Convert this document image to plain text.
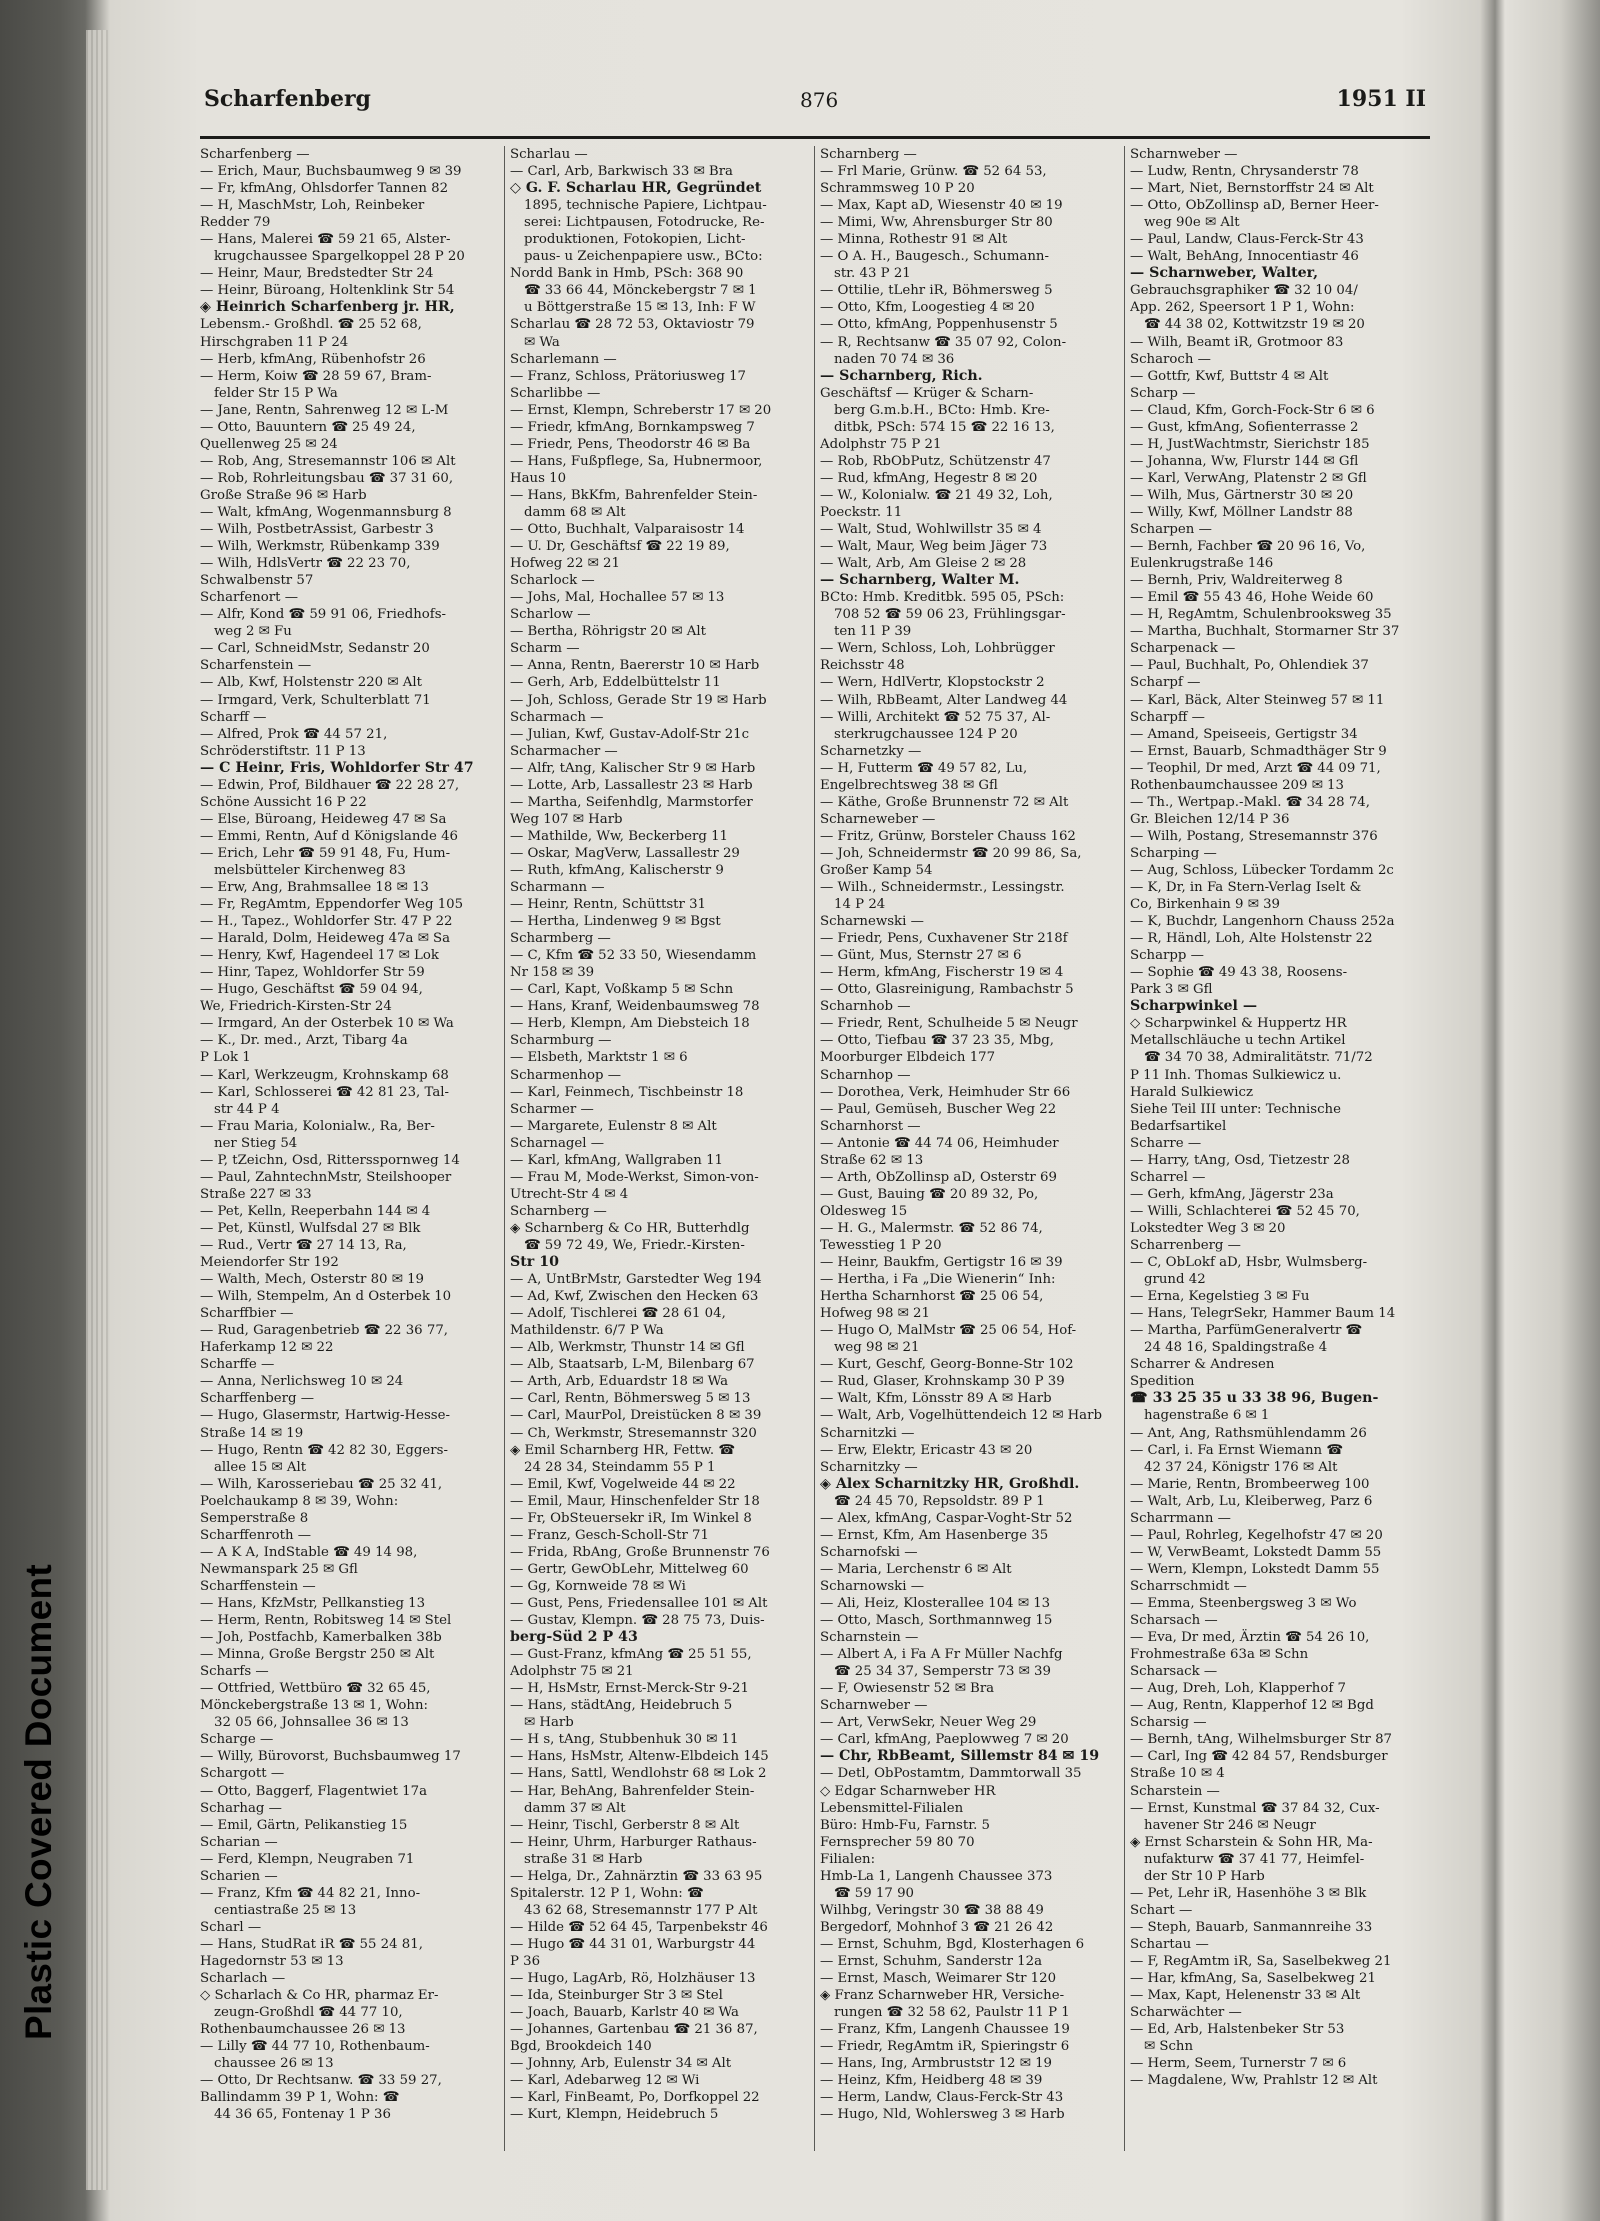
Plastic Covered Document
Scharfenberg	876	1951 II
Scharfenberg —
— Erich, Maur, Buchsbaumweg 9 ✉ 39
— Fr, kfmAng, Ohlsdorfer Tannen 82
— H, MaschMstr, Loh, Reinbeker
Redder 79
— Hans, Malerei ☎ 59 21 65, Alster-
krugchaussee Spargelkoppel 28 P 20
— Heinr, Maur, Bredstedter Str 24
— Heinr, Büroang, Holtenklink Str 54
◈ Heinrich Scharfenberg jr. HR,
Lebensm.- Großhdl. ☎ 25 52 68,
Hirschgraben 11 P 24
— Herb, kfmAng, Rübenhofstr 26
— Herm, Koiw ☎ 28 59 67, Bram-
felder Str 15 P Wa
— Jane, Rentn, Sahrenweg 12 ✉ L-M
— Otto, Bauuntern ☎ 25 49 24,
Quellenweg 25 ✉ 24
— Rob, Ang, Stresemannstr 106 ✉ Alt
— Rob, Rohrleitungsbau ☎ 37 31 60,
Große Straße 96 ✉ Harb
— Walt, kfmAng, Wogenmannsburg 8
— Wilh, PostbetrAssist, Garbestr 3
— Wilh, Werkmstr, Rübenkamp 339
— Wilh, HdlsVertr ☎ 22 23 70,
Schwalbenstr 57
Scharfenort —
— Alfr, Kond ☎ 59 91 06, Friedhofs-
weg 2 ✉ Fu
— Carl, SchneidMstr, Sedanstr 20
Scharfenstein —
— Alb, Kwf, Holstenstr 220 ✉ Alt
— Irmgard, Verk, Schulterblatt 71
Scharff —
— Alfred, Prok ☎ 44 57 21,
Schröderstiftstr. 11 P 13
— C Heinr, Fris, Wohldorfer Str 47
— Edwin, Prof, Bildhauer ☎ 22 28 27,
Schöne Aussicht 16 P 22
— Else, Büroang, Heideweg 47 ✉ Sa
— Emmi, Rentn, Auf d Königslande 46
— Erich, Lehr ☎ 59 91 48, Fu, Hum-
melsbütteler Kirchenweg 83
— Erw, Ang, Brahmsallee 18 ✉ 13
— Fr, RegAmtm, Eppendorfer Weg 105
— H., Tapez., Wohldorfer Str. 47 P 22
— Harald, Dolm, Heideweg 47a ✉ Sa
— Henry, Kwf, Hagendeel 17 ✉ Lok
— Hinr, Tapez, Wohldorfer Str 59
— Hugo, Geschäftst ☎ 59 04 94,
We, Friedrich-Kirsten-Str 24
— Irmgard, An der Osterbek 10 ✉ Wa
— K., Dr. med., Arzt, Tibarg 4a
P Lok 1
— Karl, Werkzeugm, Krohnskamp 68
— Karl, Schlosserei ☎ 42 81 23, Tal-
str 44 P 4
— Frau Maria, Kolonialw., Ra, Ber-
ner Stieg 54
— P, tZeichn, Osd, Rittersspornweg 14
— Paul, ZahntechnMstr, Steilshooper
Straße 227 ✉ 33
— Pet, Kelln, Reeperbahn 144 ✉ 4
— Pet, Künstl, Wulfsdal 27 ✉ Blk
— Rud., Vertr ☎ 27 14 13, Ra,
Meiendorfer Str 192
— Walth, Mech, Osterstr 80 ✉ 19
— Wilh, Stempelm, An d Osterbek 10
Scharffbier —
— Rud, Garagenbetrieb ☎ 22 36 77,
Haferkamp 12 ✉ 22
Scharffe —
— Anna, Nerlichsweg 10 ✉ 24
Scharffenberg —
— Hugo, Glasermstr, Hartwig-Hesse-
Straße 14 ✉ 19
— Hugo, Rentn ☎ 42 82 30, Eggers-
allee 15 ✉ Alt
— Wilh, Karosseriebau ☎ 25 32 41,
Poelchaukamp 8 ✉ 39, Wohn:
Semperstraße 8
Scharffenroth —
— A K A, IndStable ☎ 49 14 98,
Newmanspark 25 ✉ Gfl
Scharffenstein —
— Hans, KfzMstr, Pellkanstieg 13
— Herm, Rentn, Robitsweg 14 ✉ Stel
— Joh, Postfachb, Kamerbalken 38b
— Minna, Große Bergstr 250 ✉ Alt
Scharfs —
— Ottfried, Wettbüro ☎ 32 65 45,
Mönckebergstraße 13 ✉ 1, Wohn:
32 05 66, Johnsallee 36 ✉ 13
Scharge —
— Willy, Bürovorst, Buchsbaumweg 17
Schargott —
— Otto, Baggerf, Flagentwiet 17a
Scharhag —
— Emil, Gärtn, Pelikanstieg 15
Scharian —
— Ferd, Klempn, Neugraben 71
Scharien —
— Franz, Kfm ☎ 44 82 21, Inno-
centiastraße 25 ✉ 13
Scharl —
— Hans, StudRat iR ☎ 55 24 81,
Hagedornstr 53 ✉ 13
Scharlach —
◇ Scharlach & Co HR, pharmaz Er-
zeugn-Großhdl ☎ 44 77 10,
Rothenbaumchaussee 26 ✉ 13
— Lilly ☎ 44 77 10, Rothenbaum-
chaussee 26 ✉ 13
— Otto, Dr Rechtsanw. ☎ 33 59 27,
Ballindamm 39 P 1, Wohn: ☎
44 36 65, Fontenay 1 P 36
Scharlau —
— Carl, Arb, Barkwisch 33 ✉ Bra
◇ G. F. Scharlau HR, Gegründet
1895, technische Papiere, Lichtpau-
serei: Lichtpausen, Fotodrucke, Re-
produktionen, Fotokopien, Licht-
paus- u Zeichenpapiere usw., BCto:
Nordd Bank in Hmb, PSch: 368 90
☎ 33 66 44, Mönckebergstr 7 ✉ 1
u Böttgerstraße 15 ✉ 13, Inh: F W
Scharlau ☎ 28 72 53, Oktaviostr 79
✉ Wa
Scharlemann —
— Franz, Schloss, Prätoriusweg 17
Scharlibbe —
— Ernst, Klempn, Schreberstr 17 ✉ 20
— Friedr, kfmAng, Bornkampsweg 7
— Friedr, Pens, Theodorstr 46 ✉ Ba
— Hans, Fußpflege, Sa, Hubnermoor,
Haus 10
— Hans, BkKfm, Bahrenfelder Stein-
damm 68 ✉ Alt
— Otto, Buchhalt, Valparaisostr 14
— U. Dr, Geschäftsf ☎ 22 19 89,
Hofweg 22 ✉ 21
Scharlock —
— Johs, Mal, Hochallee 57 ✉ 13
Scharlow —
— Bertha, Röhrigstr 20 ✉ Alt
Scharm —
— Anna, Rentn, Baererstr 10 ✉ Harb
— Gerh, Arb, Eddelbüttelstr 11
— Joh, Schloss, Gerade Str 19 ✉ Harb
Scharmach —
— Julian, Kwf, Gustav-Adolf-Str 21c
Scharmacher —
— Alfr, tAng, Kalischer Str 9 ✉ Harb
— Lotte, Arb, Lassallestr 23 ✉ Harb
— Martha, Seifenhdlg, Marmstorfer
Weg 107 ✉ Harb
— Mathilde, Ww, Beckerberg 11
— Oskar, MagVerw, Lassallestr 29
— Ruth, kfmAng, Kalischerstr 9
Scharmann —
— Heinr, Rentn, Schüttstr 31
— Hertha, Lindenweg 9 ✉ Bgst
Scharmberg —
— C, Kfm ☎ 52 33 50, Wiesendamm
Nr 158 ✉ 39
— Carl, Kapt, Voßkamp 5 ✉ Schn
— Hans, Kranf, Weidenbaumsweg 78
— Herb, Klempn, Am Diebsteich 18
Scharmburg —
— Elsbeth, Marktstr 1 ✉ 6
Scharmenhop —
— Karl, Feinmech, Tischbeinstr 18
Scharmer —
— Margarete, Eulenstr 8 ✉ Alt
Scharnagel —
— Karl, kfmAng, Wallgraben 11
— Frau M, Mode-Werkst, Simon-von-
Utrecht-Str 4 ✉ 4
Scharnberg —
◈ Scharnberg & Co HR, Butterhdlg
☎ 59 72 49, We, Friedr.-Kirsten-
Str 10
— A, UntBrMstr, Garstedter Weg 194
— Ad, Kwf, Zwischen den Hecken 63
— Adolf, Tischlerei ☎ 28 61 04,
Mathildenstr. 6/7 P Wa
— Alb, Werkmstr, Thunstr 14 ✉ Gfl
— Alb, Staatsarb, L-M, Bilenbarg 67
— Arth, Arb, Eduardstr 18 ✉ Wa
— Carl, Rentn, Böhmersweg 5 ✉ 13
— Carl, MaurPol, Dreistücken 8 ✉ 39
— Ch, Werkmstr, Stresemannstr 320
◈ Emil Scharnberg HR, Fettw. ☎
24 28 34, Steindamm 55 P 1
— Emil, Kwf, Vogelweide 44 ✉ 22
— Emil, Maur, Hinschenfelder Str 18
— Fr, ObSteuersekr iR, Im Winkel 8
— Franz, Gesch-Scholl-Str 71
— Frida, RbAng, Große Brunnenstr 76
— Gertr, GewObLehr, Mittelweg 60
— Gg, Kornweide 78 ✉ Wi
— Gust, Pens, Friedensallee 101 ✉ Alt
— Gustav, Klempn. ☎ 28 75 73, Duis-
berg-Süd 2 P 43
— Gust-Franz, kfmAng ☎ 25 51 55,
Adolphstr 75 ✉ 21
— H, HsMstr, Ernst-Merck-Str 9-21
— Hans, städtAng, Heidebruch 5
✉ Harb
— H s, tAng, Stubbenhuk 30 ✉ 11
— Hans, HsMstr, Altenw-Elbdeich 145
— Hans, Sattl, Wendlohstr 68 ✉ Lok 2
— Har, BehAng, Bahrenfelder Stein-
damm 37 ✉ Alt
— Heinr, Tischl, Gerberstr 8 ✉ Alt
— Heinr, Uhrm, Harburger Rathaus-
straße 31 ✉ Harb
— Helga, Dr., Zahnärztin ☎ 33 63 95
Spitalerstr. 12 P 1, Wohn: ☎
43 62 68, Stresemannstr 177 P Alt
— Hilde ☎ 52 64 45, Tarpenbekstr 46
— Hugo ☎ 44 31 01, Warburgstr 44
P 36
— Hugo, LagArb, Rö, Holzhäuser 13
— Ida, Steinburger Str 3 ✉ Stel
— Joach, Bauarb, Karlstr 40 ✉ Wa
— Johannes, Gartenbau ☎ 21 36 87,
Bgd, Brookdeich 140
— Johnny, Arb, Eulenstr 34 ✉ Alt
— Karl, Adebarweg 12 ✉ Wi
— Karl, FinBeamt, Po, Dorfkoppel 22
— Kurt, Klempn, Heidebruch 5
Scharnberg —
— Frl Marie, Grünw. ☎ 52 64 53,
Schrammsweg 10 P 20
— Max, Kapt aD, Wiesenstr 40 ✉ 19
— Mimi, Ww, Ahrensburger Str 80
— Minna, Rothestr 91 ✉ Alt
— O A. H., Baugesch., Schumann-
str. 43 P 21
— Ottilie, tLehr iR, Böhmersweg 5
— Otto, Kfm, Loogestieg 4 ✉ 20
— Otto, kfmAng, Poppenhusenstr 5
— R, Rechtsanw ☎ 35 07 92, Colon-
naden 70 74 ✉ 36
— Scharnberg, Rich.
Geschäftsf — Krüger & Scharn-
berg G.m.b.H., BCto: Hmb. Kre-
ditbk, PSch: 574 15 ☎ 22 16 13,
Adolphstr 75 P 21
— Rob, RbObPutz, Schützenstr 47
— Rud, kfmAng, Hegestr 8 ✉ 20
— W., Kolonialw. ☎ 21 49 32, Loh,
Poeckstr. 11
— Walt, Stud, Wohlwillstr 35 ✉ 4
— Walt, Maur, Weg beim Jäger 73
— Walt, Arb, Am Gleise 2 ✉ 28
— Scharnberg, Walter M.
BCto: Hmb. Kreditbk. 595 05, PSch:
708 52 ☎ 59 06 23, Frühlingsgar-
ten 11 P 39
— Wern, Schloss, Loh, Lohbrügger
Reichsstr 48
— Wern, HdlVertr, Klopstockstr 2
— Wilh, RbBeamt, Alter Landweg 44
— Willi, Architekt ☎ 52 75 37, Al-
sterkrugchaussee 124 P 20
Scharnetzky —
— H, Futterm ☎ 49 57 82, Lu,
Engelbrechtsweg 38 ✉ Gfl
— Käthe, Große Brunnenstr 72 ✉ Alt
Scharneweber —
— Fritz, Grünw, Borsteler Chauss 162
— Joh, Schneidermstr ☎ 20 99 86, Sa,
Großer Kamp 54
— Wilh., Schneidermstr., Lessingstr.
14 P 24
Scharnewski —
— Friedr, Pens, Cuxhavener Str 218f
— Günt, Mus, Sternstr 27 ✉ 6
— Herm, kfmAng, Fischerstr 19 ✉ 4
— Otto, Glasreinigung, Rambachstr 5
Scharnhob —
— Friedr, Rent, Schulheide 5 ✉ Neugr
— Otto, Tiefbau ☎ 37 23 35, Mbg,
Moorburger Elbdeich 177
Scharnhop —
— Dorothea, Verk, Heimhuder Str 66
— Paul, Gemüseh, Buscher Weg 22
Scharnhorst —
— Antonie ☎ 44 74 06, Heimhuder
Straße 62 ✉ 13
— Arth, ObZollinsp aD, Osterstr 69
— Gust, Bauing ☎ 20 89 32, Po,
Oldesweg 15
— H. G., Malermstr. ☎ 52 86 74,
Tewesstieg 1 P 20
— Heinr, Baukfm, Gertigstr 16 ✉ 39
— Hertha, i Fa „Die Wienerin“ Inh:
Hertha Scharnhorst ☎ 25 06 54,
Hofweg 98 ✉ 21
— Hugo O, MalMstr ☎ 25 06 54, Hof-
weg 98 ✉ 21
— Kurt, Geschf, Georg-Bonne-Str 102
— Rud, Glaser, Krohnskamp 30 P 39
— Walt, Kfm, Lönsstr 89 A ✉ Harb
— Walt, Arb, Vogelhüttendeich 12 ✉ Harb
Scharnitzki —
— Erw, Elektr, Ericastr 43 ✉ 20
Scharnitzky —
◈ Alex Scharnitzky HR, Großhdl.
☎ 24 45 70, Repsoldstr. 89 P 1
— Alex, kfmAng, Caspar-Voght-Str 52
— Ernst, Kfm, Am Hasenberge 35
Scharnofski —
— Maria, Lerchenstr 6 ✉ Alt
Scharnowski —
— Ali, Heiz, Klosterallee 104 ✉ 13
— Otto, Masch, Sorthmannweg 15
Scharnstein —
— Albert A, i Fa A Fr Müller Nachfg
☎ 25 34 37, Semperstr 73 ✉ 39
— F, Owiesenstr 52 ✉ Bra
Scharnweber —
— Art, VerwSekr, Neuer Weg 29
— Carl, kfmAng, Paeplowweg 7 ✉ 20
— Chr, RbBeamt, Sillemstr 84 ✉ 19
— Detl, ObPostamtm, Dammtorwall 35
◇ Edgar Scharnweber HR
Lebensmittel-Filialen
Büro: Hmb-Fu, Farnstr. 5
Fernsprecher 59 80 70
Filialen:
Hmb-La 1, Langenh Chaussee 373
☎ 59 17 90
Wilhbg, Veringstr 30 ☎ 38 88 49
Bergedorf, Mohnhof 3 ☎ 21 26 42
— Ernst, Schuhm, Bgd, Klosterhagen 6
— Ernst, Schuhm, Sanderstr 12a
— Ernst, Masch, Weimarer Str 120
◈ Franz Scharnweber HR, Versiche-
rungen ☎ 32 58 62, Paulstr 11 P 1
— Franz, Kfm, Langenh Chaussee 19
— Friedr, RegAmtm iR, Spieringstr 6
— Hans, Ing, Armbruststr 12 ✉ 19
— Heinz, Kfm, Heidberg 48 ✉ 39
— Herm, Landw, Claus-Ferck-Str 43
— Hugo, Nld, Wohlersweg 3 ✉ Harb
Scharnweber —
— Ludw, Rentn, Chrysanderstr 78
— Mart, Niet, Bernstorffstr 24 ✉ Alt
— Otto, ObZollinsp aD, Berner Heer-
weg 90e ✉ Alt
— Paul, Landw, Claus-Ferck-Str 43
— Walt, BehAng, Innocentiastr 46
— Scharnweber, Walter,
Gebrauchsgraphiker ☎ 32 10 04/
App. 262, Speersort 1 P 1, Wohn:
☎ 44 38 02, Kottwitzstr 19 ✉ 20
— Wilh, Beamt iR, Grotmoor 83
Scharoch —
— Gottfr, Kwf, Buttstr 4 ✉ Alt
Scharp —
— Claud, Kfm, Gorch-Fock-Str 6 ✉ 6
— Gust, kfmAng, Sofienterrasse 2
— H, JustWachtmstr, Sierichstr 185
— Johanna, Ww, Flurstr 144 ✉ Gfl
— Karl, VerwAng, Platenstr 2 ✉ Gfl
— Wilh, Mus, Gärtnerstr 30 ✉ 20
— Willy, Kwf, Möllner Landstr 88
Scharpen —
— Bernh, Fachber ☎ 20 96 16, Vo,
Eulenkrugstraße 146
— Bernh, Priv, Waldreiterweg 8
— Emil ☎ 55 43 46, Hohe Weide 60
— H, RegAmtm, Schulenbrooksweg 35
— Martha, Buchhalt, Stormarner Str 37
Scharpenack —
— Paul, Buchhalt, Po, Ohlendiek 37
Scharpf —
— Karl, Bäck, Alter Steinweg 57 ✉ 11
Scharpff —
— Amand, Speiseeis, Gertigstr 34
— Ernst, Bauarb, Schmadthäger Str 9
— Teophil, Dr med, Arzt ☎ 44 09 71,
Rothenbaumchaussee 209 ✉ 13
— Th., Wertpap.-Makl. ☎ 34 28 74,
Gr. Bleichen 12/14 P 36
— Wilh, Postang, Stresemannstr 376
Scharping —
— Aug, Schloss, Lübecker Tordamm 2c
— K, Dr, in Fa Stern-Verlag Iselt &
Co, Birkenhain 9 ✉ 39
— K, Buchdr, Langenhorn Chauss 252a
— R, Händl, Loh, Alte Holstenstr 22
Scharpp —
— Sophie ☎ 49 43 38, Roosens-
Park 3 ✉ Gfl
Scharpwinkel —
◇ Scharpwinkel & Huppertz HR
Metallschläuche u techn Artikel
☎ 34 70 38, Admiralitätstr. 71/72
P 11 Inh. Thomas Sulkiewicz u.
Harald Sulkiewicz
Siehe Teil III unter: Technische
Bedarfsartikel
Scharre —
— Harry, tAng, Osd, Tietzestr 28
Scharrel —
— Gerh, kfmAng, Jägerstr 23a
— Willi, Schlachterei ☎ 52 45 70,
Lokstedter Weg 3 ✉ 20
Scharrenberg —
— C, ObLokf aD, Hsbr, Wulmsberg-
grund 42
— Erna, Kegelstieg 3 ✉ Fu
— Hans, TelegrSekr, Hammer Baum 14
— Martha, ParfümGeneralvertr ☎
24 48 16, Spaldingstraße 4
Scharrer & Andresen
Spedition
☎ 33 25 35 u 33 38 96, Bugen-
hagenstraße 6 ✉ 1
— Ant, Ang, Rathsmühlendamm 26
— Carl, i. Fa Ernst Wiemann ☎
42 37 24, Königstr 176 ✉ Alt
— Marie, Rentn, Brombeerweg 100
— Walt, Arb, Lu, Kleiberweg, Parz 6
Scharrmann —
— Paul, Rohrleg, Kegelhofstr 47 ✉ 20
— W, VerwBeamt, Lokstedt Damm 55
— Wern, Klempn, Lokstedt Damm 55
Scharrschmidt —
— Emma, Steenbergsweg 3 ✉ Wo
Scharsach —
— Eva, Dr med, Ärztin ☎ 54 26 10,
Frohmestraße 63a ✉ Schn
Scharsack —
— Aug, Dreh, Loh, Klapperhof 7
— Aug, Rentn, Klapperhof 12 ✉ Bgd
Scharsig —
— Bernh, tAng, Wilhelmsburger Str 87
— Carl, Ing ☎ 42 84 57, Rendsburger
Straße 10 ✉ 4
Scharstein —
— Ernst, Kunstmal ☎ 37 84 32, Cux-
havener Str 246 ✉ Neugr
◈ Ernst Scharstein & Sohn HR, Ma-
nufakturw ☎ 37 41 77, Heimfel-
der Str 10 P Harb
— Pet, Lehr iR, Hasenhöhe 3 ✉ Blk
Schart —
— Steph, Bauarb, Sanmannreihe 33
Schartau —
— F, RegAmtm iR, Sa, Saselbekweg 21
— Har, kfmAng, Sa, Saselbekweg 21
— Max, Kapt, Helenenstr 33 ✉ Alt
Scharwächter —
— Ed, Arb, Halstenbeker Str 53
✉ Schn
— Herm, Seem, Turnerstr 7 ✉ 6
— Magdalene, Ww, Prahlstr 12 ✉ Alt
